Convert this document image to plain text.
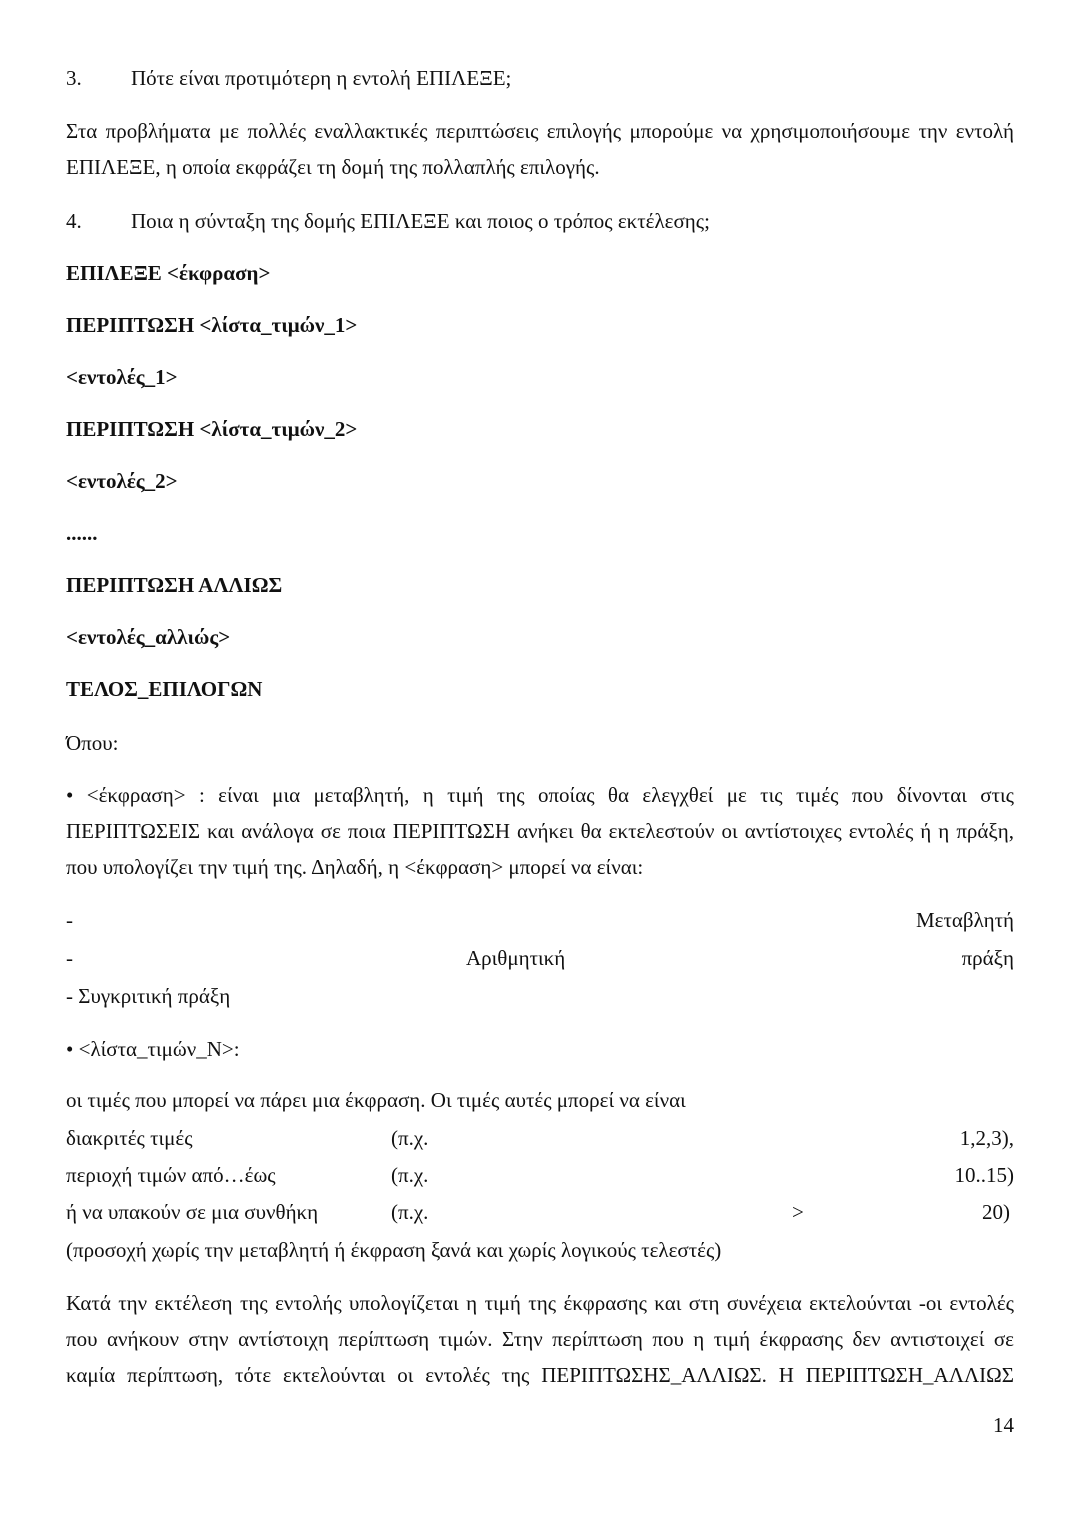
3. Πότε είναι προτιμότερη η εντολή ΕΠΙΛΕΞΕ;
Στα προβλήματα με πολλές εναλλακτικές περιπτώσεις επιλογής μπορούμε να χρησιμοποιήσουμε την εντολή
ΕΠΙΛΕΞΕ, η οποία εκφράζει τη δομή της πολλαπλής επιλογής.
4. Ποια η σύνταξη της δομής ΕΠΙΛΕΞΕ και ποιος ο τρόπος εκτέλεσης;
ΕΠΙΛΕΞΕ <έκφραση>
ΠΕΡΙΠΤΩΣΗ <λίστα_τιμών_1>
<εντολές_1>
ΠΕΡΙΠΤΩΣΗ <λίστα_τιμών_2>
<εντολές_2>
......
ΠΕΡΙΠΤΩΣΗ ΑΛΛΙΩΣ
<εντολές_αλλιώς>
ΤΕΛΟΣ_ΕΠΙΛΟΓΩΝ
Όπου:
• <έκφραση> : είναι μια μεταβλητή, η τιμή της οποίας θα ελεγχθεί με τις τιμές που δίνονται στις
ΠΕΡΙΠΤΩΣΕΙΣ και ανάλογα σε ποια ΠΕΡΙΠΤΩΣΗ ανήκει θα εκτελεστούν οι αντίστοιχες εντολές ή η πράξη,
που υπολογίζει την τιμή της. Δηλαδή, η <έκφραση> μπορεί να είναι:
-	Μεταβλητή
-	Αριθμητική	πράξη
- Συγκριτική πράξη
• <λίστα_τιμών_N>:
οι τιμές που μπορεί να πάρει μια έκφραση. Οι τιμές αυτές μπορεί να είναι
διακριτές τιμές	(π.χ.	1,2,3),
περιοχή τιμών από…έως	(π.χ.	10..15)
ή να υπακούν σε μια συνθήκη	(π.χ.	>	20)
(προσοχή χωρίς την μεταβλητή ή έκφραση ξανά και χωρίς λογικούς τελεστές)
Κατά την εκτέλεση της εντολής υπολογίζεται η τιμή της έκφρασης και στη συνέχεια εκτελούνται -οι εντολές
που ανήκουν στην αντίστοιχη περίπτωση τιμών. Στην περίπτωση που η τιμή έκφρασης δεν αντιστοιχεί σε
καμία περίπτωση, τότε εκτελούνται οι εντολές της ΠΕΡΙΠΤΩΣΗΣ_ΑΛΛΙΩΣ. Η ΠΕΡΙΠΤΩΣΗ_ΑΛΛΙΩΣ
14
